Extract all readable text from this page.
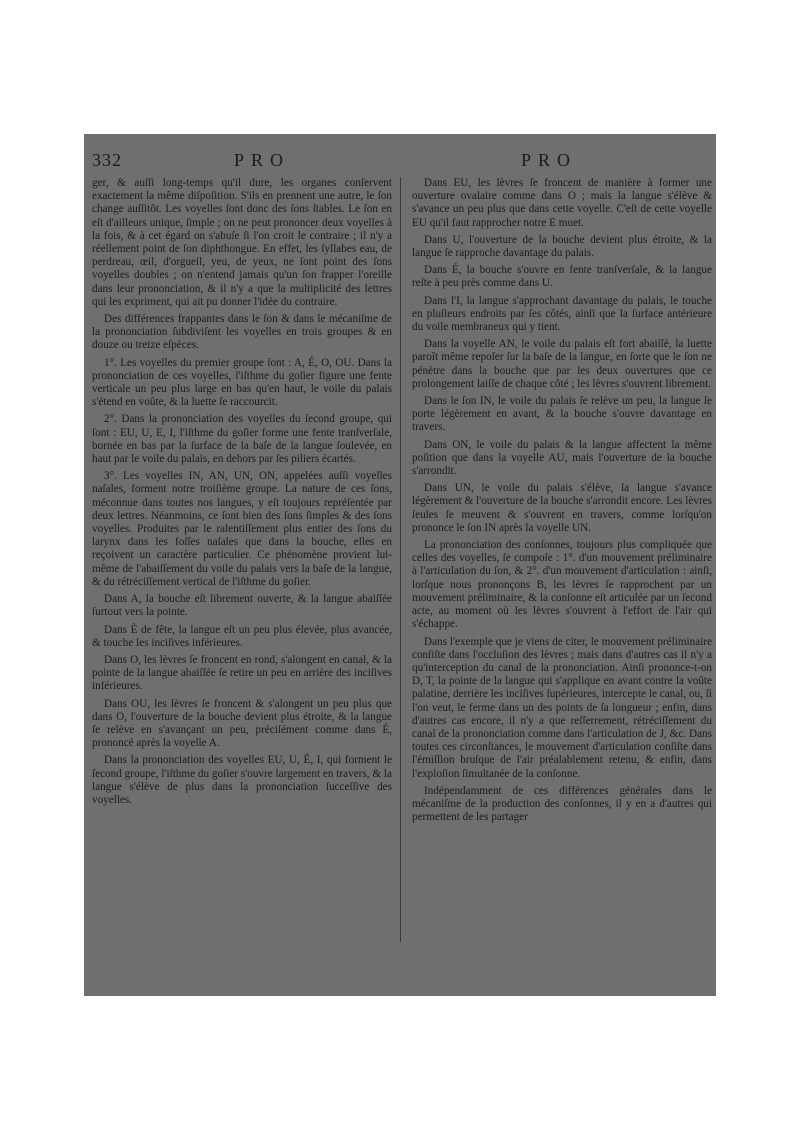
332	PRO	PRO

ger, & auſſi long-temps qu'il dure, les organes conſervent exactement la même diſpoſition. S'ils en prennent une autre, le ſon change auſſitôt. Les voyelles ſont donc des ſons ſtables. Le ſon en eſt d'ailleurs unique, ſimple ; on ne peut prononcer deux voyelles à la fois, & à cet égard on s'abuſe ſi l'on croit le contraire ; il n'y a réellement point de ſon diphthongue. En effet, les ſyllabes eau, de perdreau, œil, d'orgueil, yeu, de yeux, ne ſont point des ſons voyelles doubles ; on n'entend jamais qu'un ſon frapper l'oreille dans leur prononciation, & il n'y a que la multiplicité des lettres qui les expriment, qui ait pu donner l'idée du contraire.

Des différences frappantes dans le ſon & dans le mécaniſme de la prononciation ſubdiviſent les voyelles en trois groupes & en douze ou treize eſpèces.

1°. Les voyelles du premier groupe ſont : A, É, O, OU. Dans la prononciation de ces voyelles, l'iſthme du goſier figure une fente verticale un peu plus large en bas qu'en haut, le voile du palais s'étend en voûte, & la luette ſe raccourcit.

2°. Dans la prononciation des voyelles du ſecond groupe, qui ſont : EU, U, E, I, l'iſthme du goſier forme une fente tranſverſale, bornée en bas par la ſurface de la baſe de la langue ſoulevée, en haut par le voile du palais, en dehors par ſes piliers écartés.

3°. Les voyelles IN, AN, UN, ON, appelées auſſi voyelles naſales, forment notre troiſième groupe. La nature de ces ſons, méconnue dans toutes nos langues, y eſt toujours repréſentée par deux lettres. Néanmoins, ce ſont bien des ſons ſimples & des ſons voyelles. Produites par le ralentiſſement plus entier des ſons du larynx dans les foſſes naſales que dans la bouche, elles en reçoivent un caractère particulier. Ce phénomène provient lui-même de l'abaiſſement du voile du palais vers la baſe de la langue, & du rétréciſſement vertical de l'iſthme du goſier.

Dans A, la bouche eſt librement ouverte, & la langue abaiſſée ſurtout vers la pointe.

Dans È de fête, la langue eſt un peu plus élevée, plus avancée, & touche les inciſives inférieures.

Dans O, les lèvres ſe froncent en rond, s'alongent en canal, & la pointe de la langue abaiſſée ſe retire un peu en arrière des inciſives inférieures.

Dans OU, les lèvres ſe froncent & s'alongent un peu plus que dans O, l'ouverture de la bouche devient plus étroite, & la langue ſe relève en s'avançant un peu, préciſément comme dans É, prononcé après la voyelle A.

Dans la prononciation des voyelles EU, U, É, I, qui forment le ſecond groupe, l'iſthme du goſier s'ouvre largement en travers, & la langue s'élève de plus dans la prononciation ſucceſſive des voyelles.

Dans EU, les lèvres ſe froncent de manière à former une ouverture ovalaire comme dans O ; mais la langue s'élève & s'avance un peu plus que dans cette voyelle. C'eſt de cette voyelle EU qu'il faut rapprocher notre E muet.

Dans U, l'ouverture de la bouche devient plus étroite, & la langue ſe rapproche davantage du palais.

Dans É, la bouche s'ouvre en fente tranſverſale, & la langue reſte à peu près comme dans U.

Dans l'I, la langue s'approchant davantage du palais, le touche en pluſieurs endroits par ſes côtés, ainſi que la ſurface antérieure du voile membraneux qui y tient.

Dans la voyelle AN, le voile du palais eſt fort abaiſſé, la luette paroît même repoſer ſur la baſe de la langue, en ſorte que le ſon ne pénètre dans la bouche que par les deux ouvertures que ce prolongement laiſſe de chaque côté ; les lèvres s'ouvrent librement.

Dans le ſon IN, le voile du palais ſe relève un peu, la langue ſe porte légèrement en avant, & la bouche s'ouvre davantage en travers.

Dans ON, le voile du palais & la langue affectent la même poſition que dans la voyelle AU, mais l'ouverture de la bouche s'arrondit.

Dans UN, le voile du palais s'élève, la langue s'avance légèrement & l'ouverture de la bouche s'arrondit encore. Les lèvres ſeules ſe meuvent & s'ouvrent en travers, comme lorſqu'on prononce le ſon IN après la voyelle UN.

La prononciation des conſonnes, toujours plus compliquée que celles des voyelles, ſe compoſe : 1°. d'un mouvement préliminaire à l'articulation du ſon, & 2°. d'un mouvement d'articulation : ainſi, lorſque nous prononçons B, les lèvres ſe rapprochent par un mouvement préliminaire, & la conſonne eſt articulée par un ſecond acte, au moment où les lèvres s'ouvrent à l'effort de l'air qui s'échappe.

Dans l'exemple que je viens de citer, le mouvement préliminaire conſiſte dans l'occluſion des lèvres ; mais dans d'autres cas il n'y a qu'interception du canal de la prononciation. Ainſi prononce-t-on D, T, la pointe de la langue qui s'applique en avant contre la voûte palatine, derrière les inciſives ſupérieures, intercepte le canal, ou, ſi l'on veut, le ferme dans un des points de ſa longueur ; enfin, dans d'autres cas encore, il n'y a que reſſerrement, rétréciſſement du canal de la prononciation comme dans l'articulation de J, &c. Dans toutes ces circonſtances, le mouvement d'articulation conſiſte dans l'émiſſion bruſque de l'air préalablement retenu, & enfin, dans l'exploſion ſimultanée de la conſonne.

Indépendamment de ces différences générales dans le mécaniſme de la production des conſonnes, il y en a d'autres qui permettent de les partager
